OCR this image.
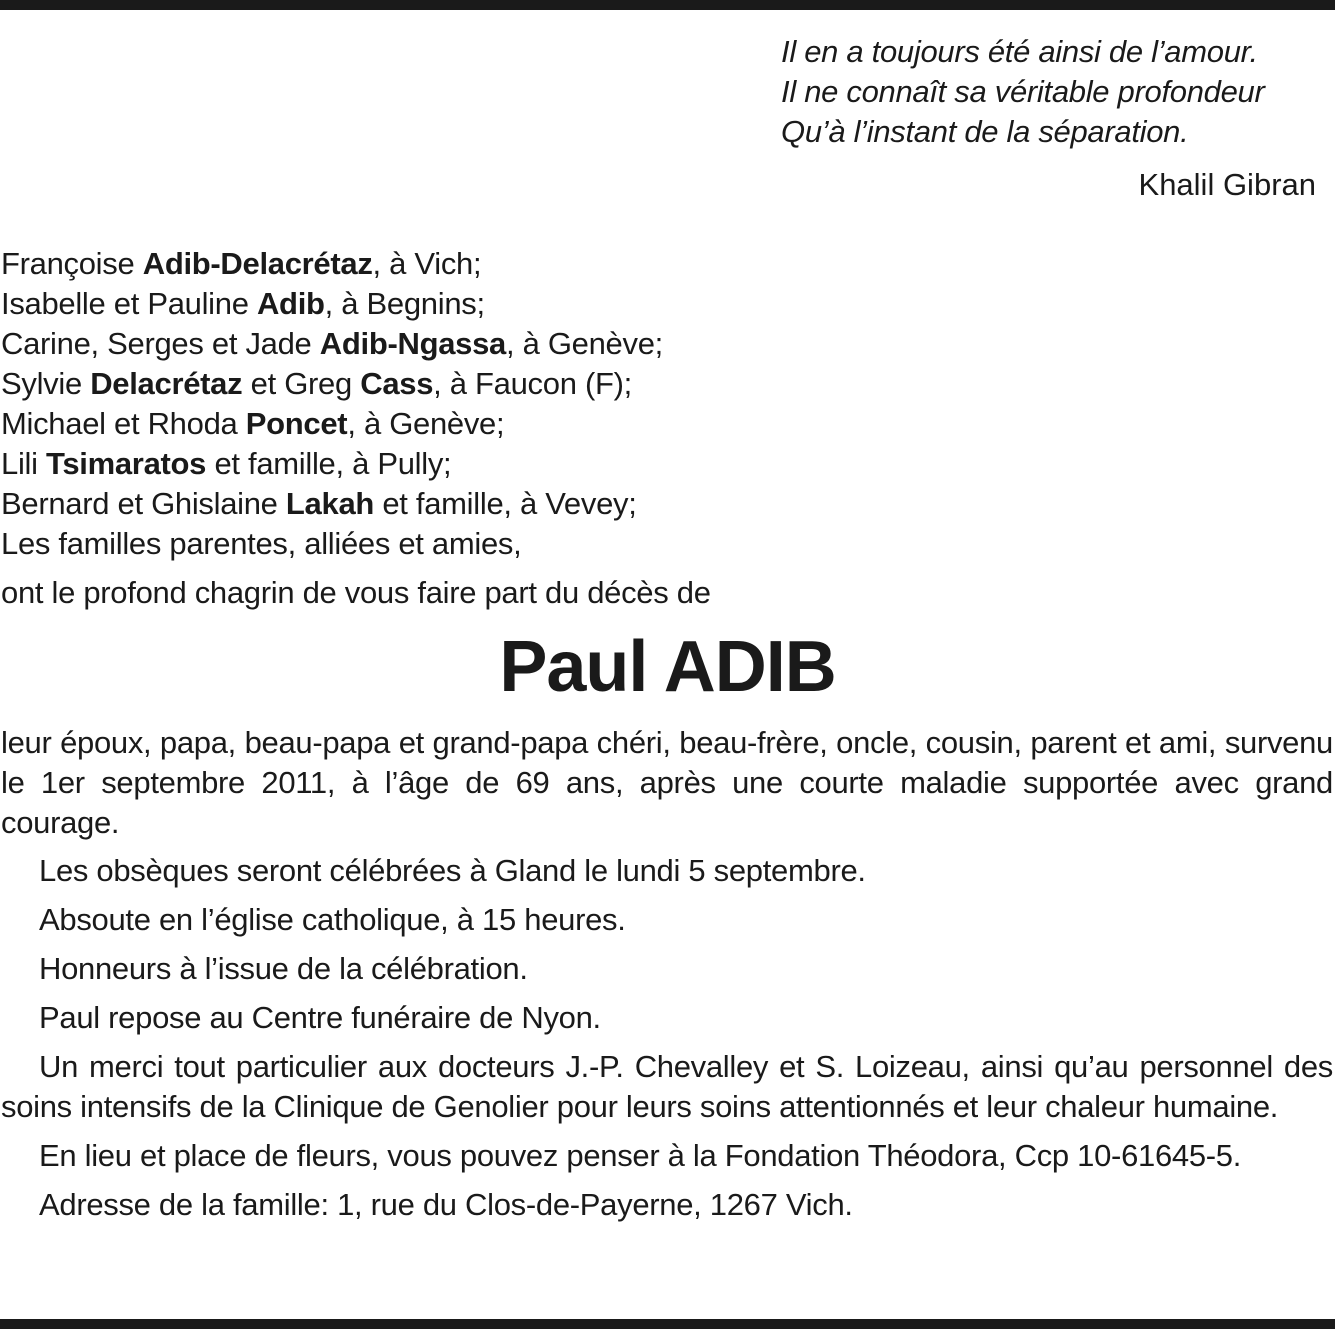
Il en a toujours été ainsi de l’amour.
Il ne connaît sa véritable profondeur
Qu’à l’instant de la séparation.
Khalil Gibran
Françoise Adib-Delacrétaz, à Vich;
Isabelle et Pauline Adib, à Begnins;
Carine, Serges et Jade Adib-Ngassa, à Genève;
Sylvie Delacrétaz et Greg Cass, à Faucon (F);
Michael et Rhoda Poncet, à Genève;
Lili Tsimaratos et famille, à Pully;
Bernard et Ghislaine Lakah et famille, à Vevey;
Les familles parentes, alliées et amies,
ont le profond chagrin de vous faire part du décès de
Paul ADIB

leur époux, papa, beau-papa et grand-papa chéri, beau-frère, oncle, cousin, parent et ami, survenu le 1er septembre 2011, à l’âge de 69 ans, après une courte maladie supportée avec grand courage.

Les obsèques seront célébrées à Gland le lundi 5 septembre.

Absoute en l’église catholique, à 15 heures.

Honneurs à l’issue de la célébration.

Paul repose au Centre funéraire de Nyon.

Un merci tout particulier aux docteurs J.-P. Chevalley et S. Loizeau, ainsi qu’au personnel des soins intensifs de la Clinique de Genolier pour leurs soins attentionnés et leur chaleur humaine.

En lieu et place de fleurs, vous pouvez penser à la Fondation Théodora, Ccp 10-61645-5.

Adresse de la famille: 1, rue du Clos-de-Payerne, 1267 Vich.
